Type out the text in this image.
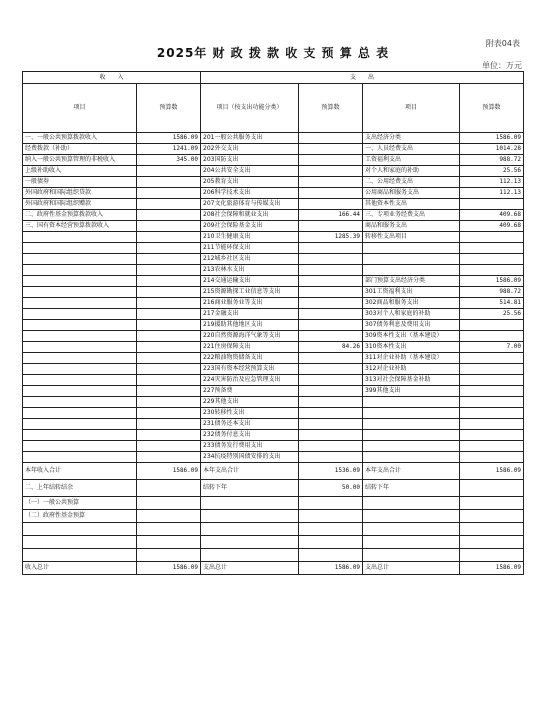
附表04表
2025年 财 政 拨 款 收 支 预 算 总 表
单位：万元
收　　入		支　　出			
项目	预算数	项目（按支出功能分类）	预算数	项目	预算数
一、一般公共预算拨款收入	1586.09	201一般公共服务支出		支出经济分类	1586.09
经费拨款（补助）	1241.09	202外交支出		一、人员经费支出	1014.28
纳入一般公共预算管理的非税收入	345.00	203国防支出		工资福利支出	988.72
上级补助收入		204公共安全支出		对个人和家庭的补助	25.56
一般债券		205教育支出		二、公用经费支出	112.13
外国政府和国际组织贷款		206科学技术支出		公用商品和服务支出	112.13
外国政府和国际组织赠款		207文化旅游体育与传媒支出		其他资本性支出	
二、政府性基金预算拨款收入		208社会保障和就业支出	166.44	三、专项业务经费支出	409.68
三、国有资本经营预算拨款收入		209社会保险基金支出		商品和服务支出	409.68
		210卫生健康支出	1285.39	转移性支出项目	
		211节能环保支出			
		212城乡社区支出			
		213农林水支出			
		214交通运输支出		部门预算支出经济分类	1586.09
		215资源勘探工业信息等支出		301工资福利支出	988.72
		216商业服务业等支出		302商品和服务支出	514.81
		217金融支出		303对个人和家庭的补助	25.56
		219援助其他地区支出		307债务利息及费用支出	
		220自然资源海洋气象等支出		309资本性支出（基本建设）	
		221住房保障支出	84.26	310资本性支出	7.00
		222粮油物资储备支出		311对企业补助（基本建设）	
		223国有资本经营预算支出		312对企业补助	
		224灾害防治及应急管理支出		313对社会保障基金补助	
		227预备费		399其他支出	
		229其他支出			
		230转移性支出			
		231债务还本支出			
		232债务付息支出			
		233债务发行费用支出			
		234抗疫特别国债安排的支出			
本年收入合计	1586.09	本年支出合计	1536.09	本年支出合计	1586.09
二、上年结转结余		结转下年	50.00	结转下年	
（一）一般公共预算					
（二）政府性基金预算					

收入总计	1586.09	支出总计	1586.09	支出总计	1586.09
